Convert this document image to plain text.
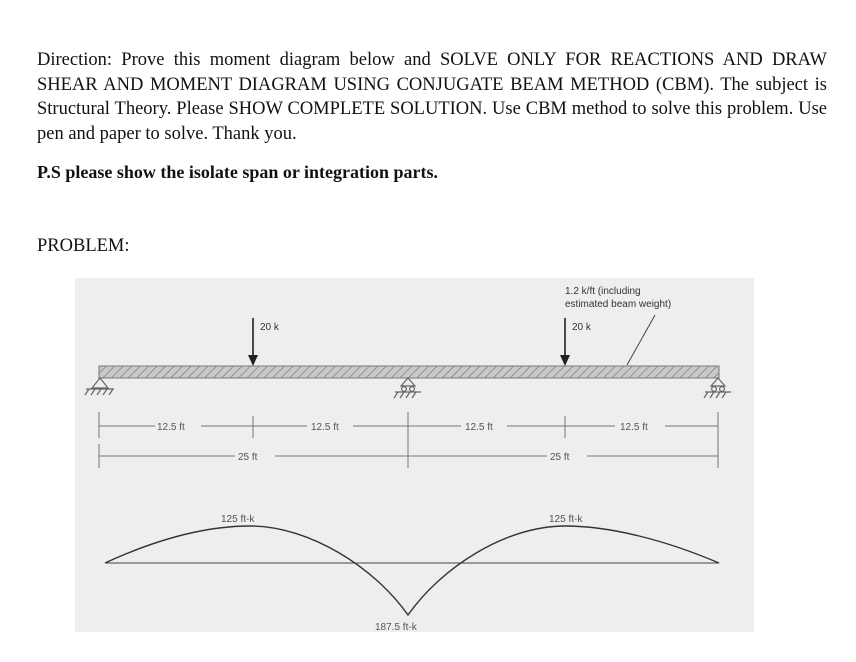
Direction: Prove this moment diagram below and SOLVE ONLY FOR REACTIONS AND DRAW SHEAR AND MOMENT DIAGRAM USING CONJUGATE BEAM METHOD (CBM). The subject is Structural Theory. Please SHOW COMPLETE SOLUTION. Use CBM method to solve this problem. Use pen and paper to solve. Thank you.

P.S please show the isolate span or integration parts.

PROBLEM:

20 k	20 k
1.2 k/ft (including
estimated beam weight)
12.5 ft	12.5 ft	12.5 ft	12.5 ft
25 ft	25 ft
125 ft-k	125 ft-k
187.5 ft-k
